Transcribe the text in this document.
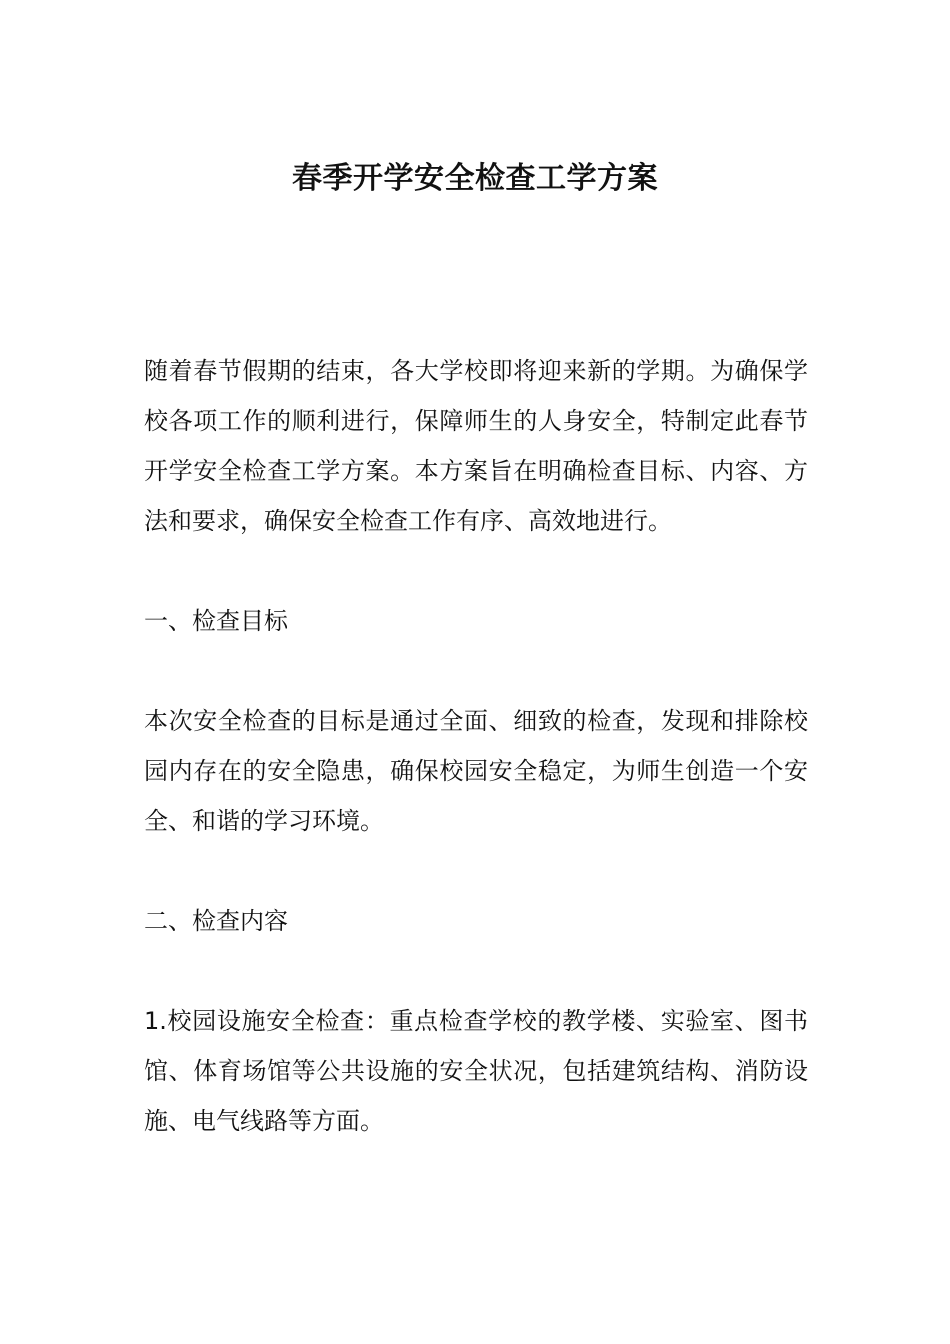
春季开学安全检查工学方案

随着春节假期的结束，各大学校即将迎来新的学期。为确保学校各项工作的顺利进行，保障师生的人身安全，特制定此春节开学安全检查工学方案。本方案旨在明确检查目标、内容、方法和要求，确保安全检查工作有序、高效地进行。

一、检查目标

本次安全检查的目标是通过全面、细致的检查，发现和排除校园内存在的安全隐患，确保校园安全稳定，为师生创造一个安全、和谐的学习环境。

二、检查内容

1.校园设施安全检查：重点检查学校的教学楼、实验室、图书馆、体育场馆等公共设施的安全状况，包括建筑结构、消防设施、电气线路等方面。
